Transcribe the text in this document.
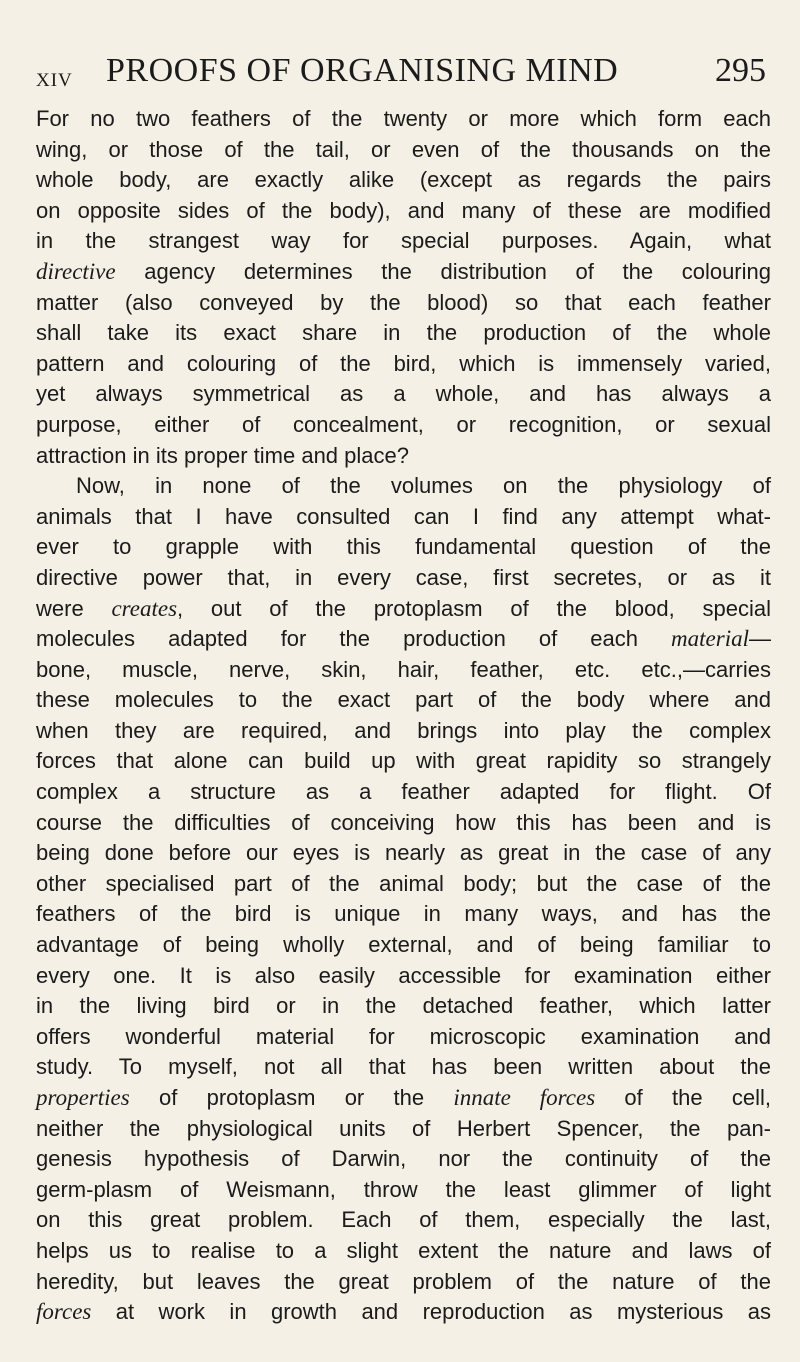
XIV PROOFS OF ORGANISING MIND	295
For no two feathers of the twenty or more which form each
wing, or those of the tail, or even of the thousands on the
whole body, are exactly alike (except as regards the pairs
on opposite sides of the body), and many of these are modified
in the strangest way for special purposes. Again, what
directive agency determines the distribution of the colouring
matter (also conveyed by the blood) so that each feather
shall take its exact share in the production of the whole
pattern and colouring of the bird, which is immensely varied,
yet always symmetrical as a whole, and has always a
purpose, either of concealment, or recognition, or sexual
attraction in its proper time and place?
Now, in none of the volumes on the physiology of
animals that I have consulted can I find any attempt what-
ever to grapple with this fundamental question of the
directive power that, in every case, first secretes, or as it
were creates, out of the protoplasm of the blood, special
molecules adapted for the production of each material—
bone, muscle, nerve, skin, hair, feather, etc. etc.,—carries
these molecules to the exact part of the body where and
when they are required, and brings into play the complex
forces that alone can build up with great rapidity so strangely
complex a structure as a feather adapted for flight. Of
course the difficulties of conceiving how this has been and is
being done before our eyes is nearly as great in the case of any
other specialised part of the animal body; but the case of the
feathers of the bird is unique in many ways, and has the
advantage of being wholly external, and of being familiar to
every one. It is also easily accessible for examination either
in the living bird or in the detached feather, which latter
offers wonderful material for microscopic examination and
study. To myself, not all that has been written about the
properties of protoplasm or the innate forces of the cell,
neither the physiological units of Herbert Spencer, the pan-
genesis hypothesis of Darwin, nor the continuity of the
germ-plasm of Weismann, throw the least glimmer of light
on this great problem. Each of them, especially the last,
helps us to realise to a slight extent the nature and laws of
heredity, but leaves the great problem of the nature of the
forces at work in growth and reproduction as mysterious as
